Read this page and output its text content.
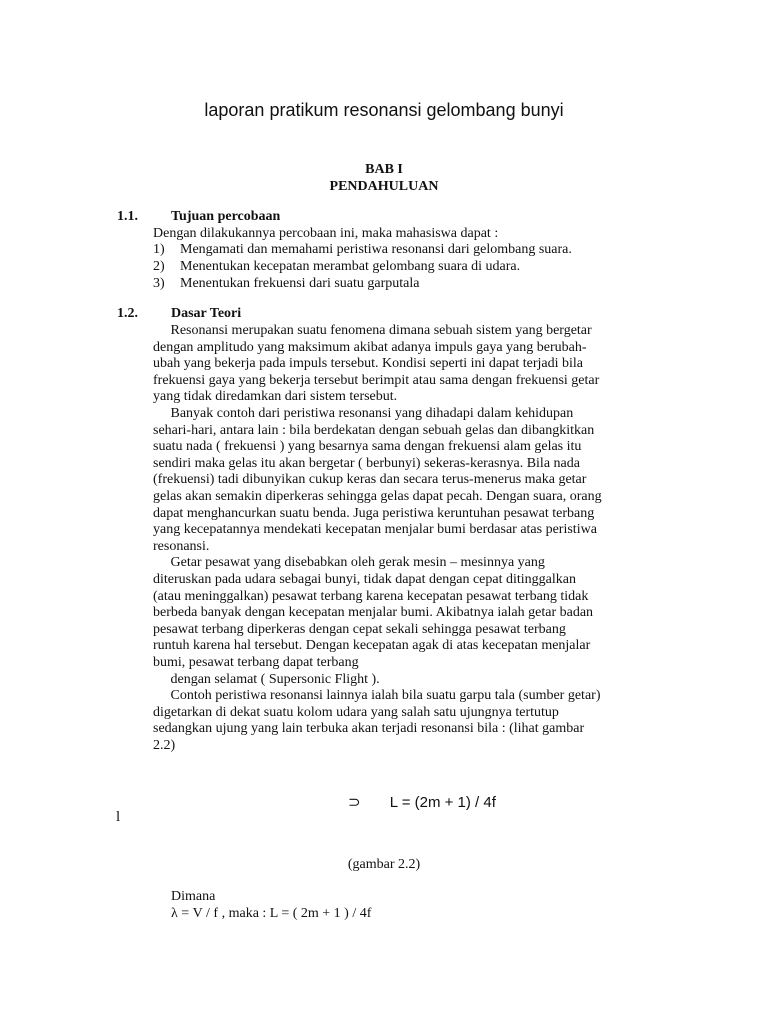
laporan pratikum resonansi gelombang bunyi
BAB I
PENDAHULUAN
1.1. Tujuan percobaan
Dengan dilakukannya percobaan ini, maka mahasiswa dapat :
1) Mengamati dan memahami peristiwa resonansi dari gelombang suara.
2) Menentukan kecepatan merambat gelombang suara di udara.
3) Menentukan frekuensi dari suatu garputala
1.2. Dasar Teori
Resonansi merupakan suatu fenomena dimana sebuah sistem yang bergetar
dengan amplitudo yang maksimum akibat adanya impuls gaya yang berubah-
ubah yang bekerja pada impuls tersebut. Kondisi seperti ini dapat terjadi bila
frekuensi gaya yang bekerja tersebut berimpit atau sama dengan frekuensi getar
yang tidak diredamkan dari sistem tersebut.
Banyak contoh dari peristiwa resonansi yang dihadapi dalam kehidupan
sehari-hari, antara lain : bila berdekatan dengan sebuah gelas dan dibangkitkan
suatu nada ( frekuensi ) yang besarnya sama dengan frekuensi alam gelas itu
sendiri maka gelas itu akan bergetar ( berbunyi) sekeras-kerasnya. Bila nada
(frekuensi) tadi dibunyikan cukup keras dan secara terus-menerus maka getar
gelas akan semakin diperkeras sehingga gelas dapat pecah. Dengan suara, orang
dapat menghancurkan suatu benda. Juga peristiwa keruntuhan pesawat terbang
yang kecepatannya mendekati kecepatan menjalar bumi berdasar atas peristiwa
resonansi.
Getar pesawat yang disebabkan oleh gerak mesin – mesinnya yang
diteruskan pada udara sebagai bunyi, tidak dapat dengan cepat ditinggalkan
(atau meninggalkan) pesawat terbang karena kecepatan pesawat terbang tidak
berbeda banyak dengan kecepatan menjalar bumi. Akibatnya ialah getar badan
pesawat terbang diperkeras dengan cepat sekali sehingga pesawat terbang
runtuh karena hal tersebut. Dengan kecepatan agak di atas kecepatan menjalar
bumi, pesawat terbang dapat terbang
dengan selamat ( Supersonic Flight ).
Contoh peristiwa resonansi lainnya ialah bila suatu garpu tala (sumber getar)
digetarkan di dekat suatu kolom udara yang salah satu ujungnya tertutup
sedangkan ujung yang lain terbuka akan terjadi resonansi bila : (lihat gambar
2.2)
⊃       L = (2m + 1) / 4f
l
(gambar 2.2)
Dimana
λ = V / f , maka : L = ( 2m + 1 ) / 4f
